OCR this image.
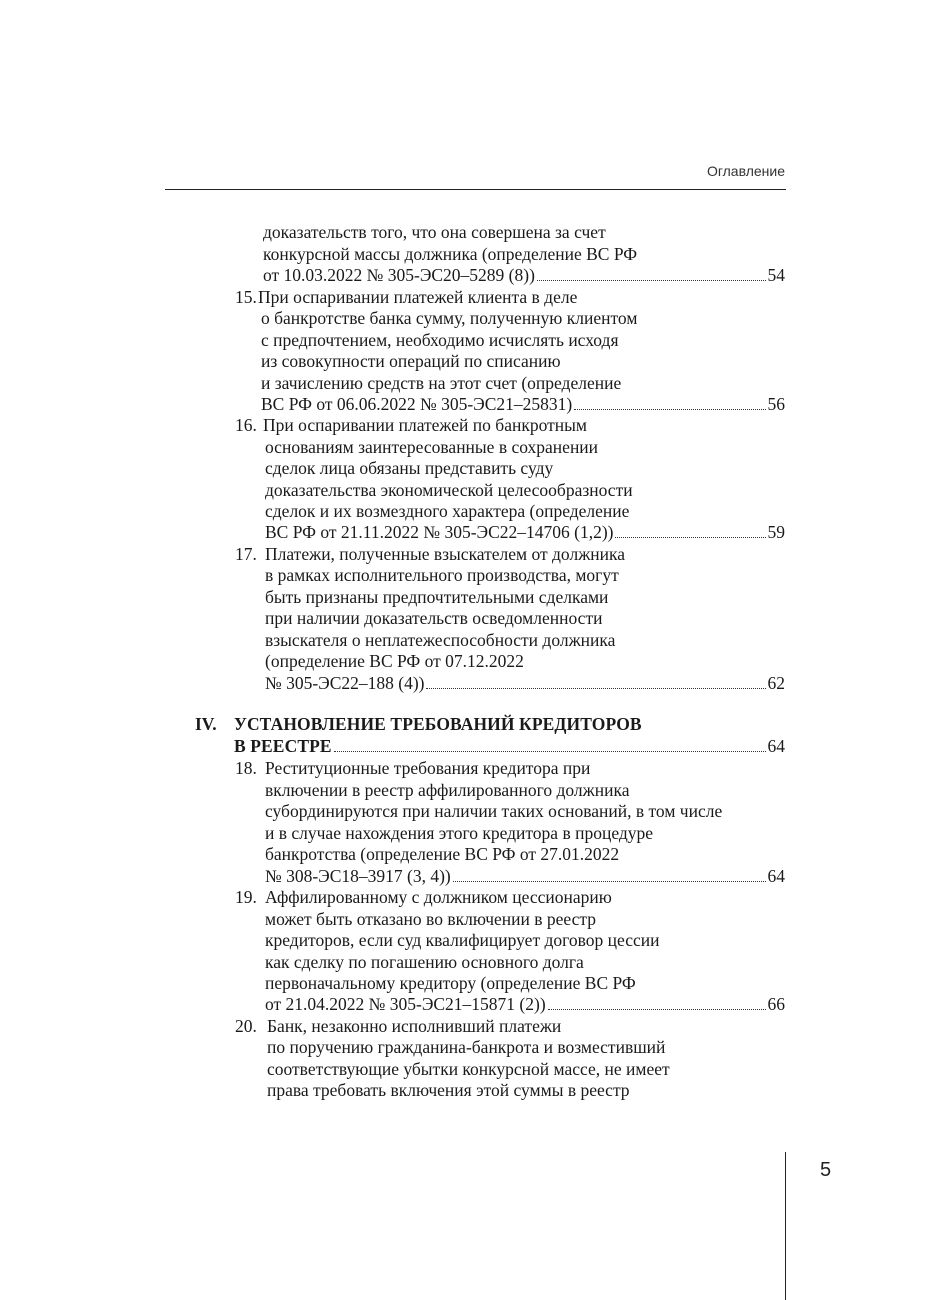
Оглавление
доказательств того, что она совершена за счет
конкурсной массы должника (определение ВС РФ
от 10.03.2022 № 305-ЭС20–5289 (8))	54
15. При оспаривании платежей клиента в деле
о банкротстве банка сумму, полученную клиентом
с предпочтением, необходимо исчислять исходя
из совокупности операций по списанию
и зачислению средств на этот счет (определение
ВС РФ от 06.06.2022 № 305-ЭС21–25831)	56
16. При оспаривании платежей по банкротным
основаниям заинтересованные в сохранении
сделок лица обязаны представить суду
доказательства экономической целесообразности
сделок и их возмездного характера (определение
ВС РФ от 21.11.2022 № 305-ЭС22–14706 (1,2))	59
17. Платежи, полученные взыскателем от должника
в рамках исполнительного производства, могут
быть признаны предпочтительными сделками
при наличии доказательств осведомленности
взыскателя о неплатежеспособности должника
(определение ВС РФ от 07.12.2022
№ 305-ЭС22–188 (4))	62
IV. УСТАНОВЛЕНИЕ ТРЕБОВАНИЙ КРЕДИТОРОВ
В РЕЕСТРЕ	64
18. Реституционные требования кредитора при
включении в реестр аффилированного должника
субординируются при наличии таких оснований, в том числе
и в случае нахождения этого кредитора в процедуре
банкротства (определение ВС РФ от 27.01.2022
№ 308-ЭС18–3917 (3, 4))	64
19. Аффилированному с должником цессионарию
может быть отказано во включении в реестр
кредиторов, если суд квалифицирует договор цессии
как сделку по погашению основного долга
первоначальному кредитору (определение ВС РФ
от 21.04.2022 № 305-ЭС21–15871 (2))	66
20. Банк, незаконно исполнивший платежи
по поручению гражданина-банкрота и возместивший
соответствующие убытки конкурсной массе, не имеет
права требовать включения этой суммы в реестр
5
